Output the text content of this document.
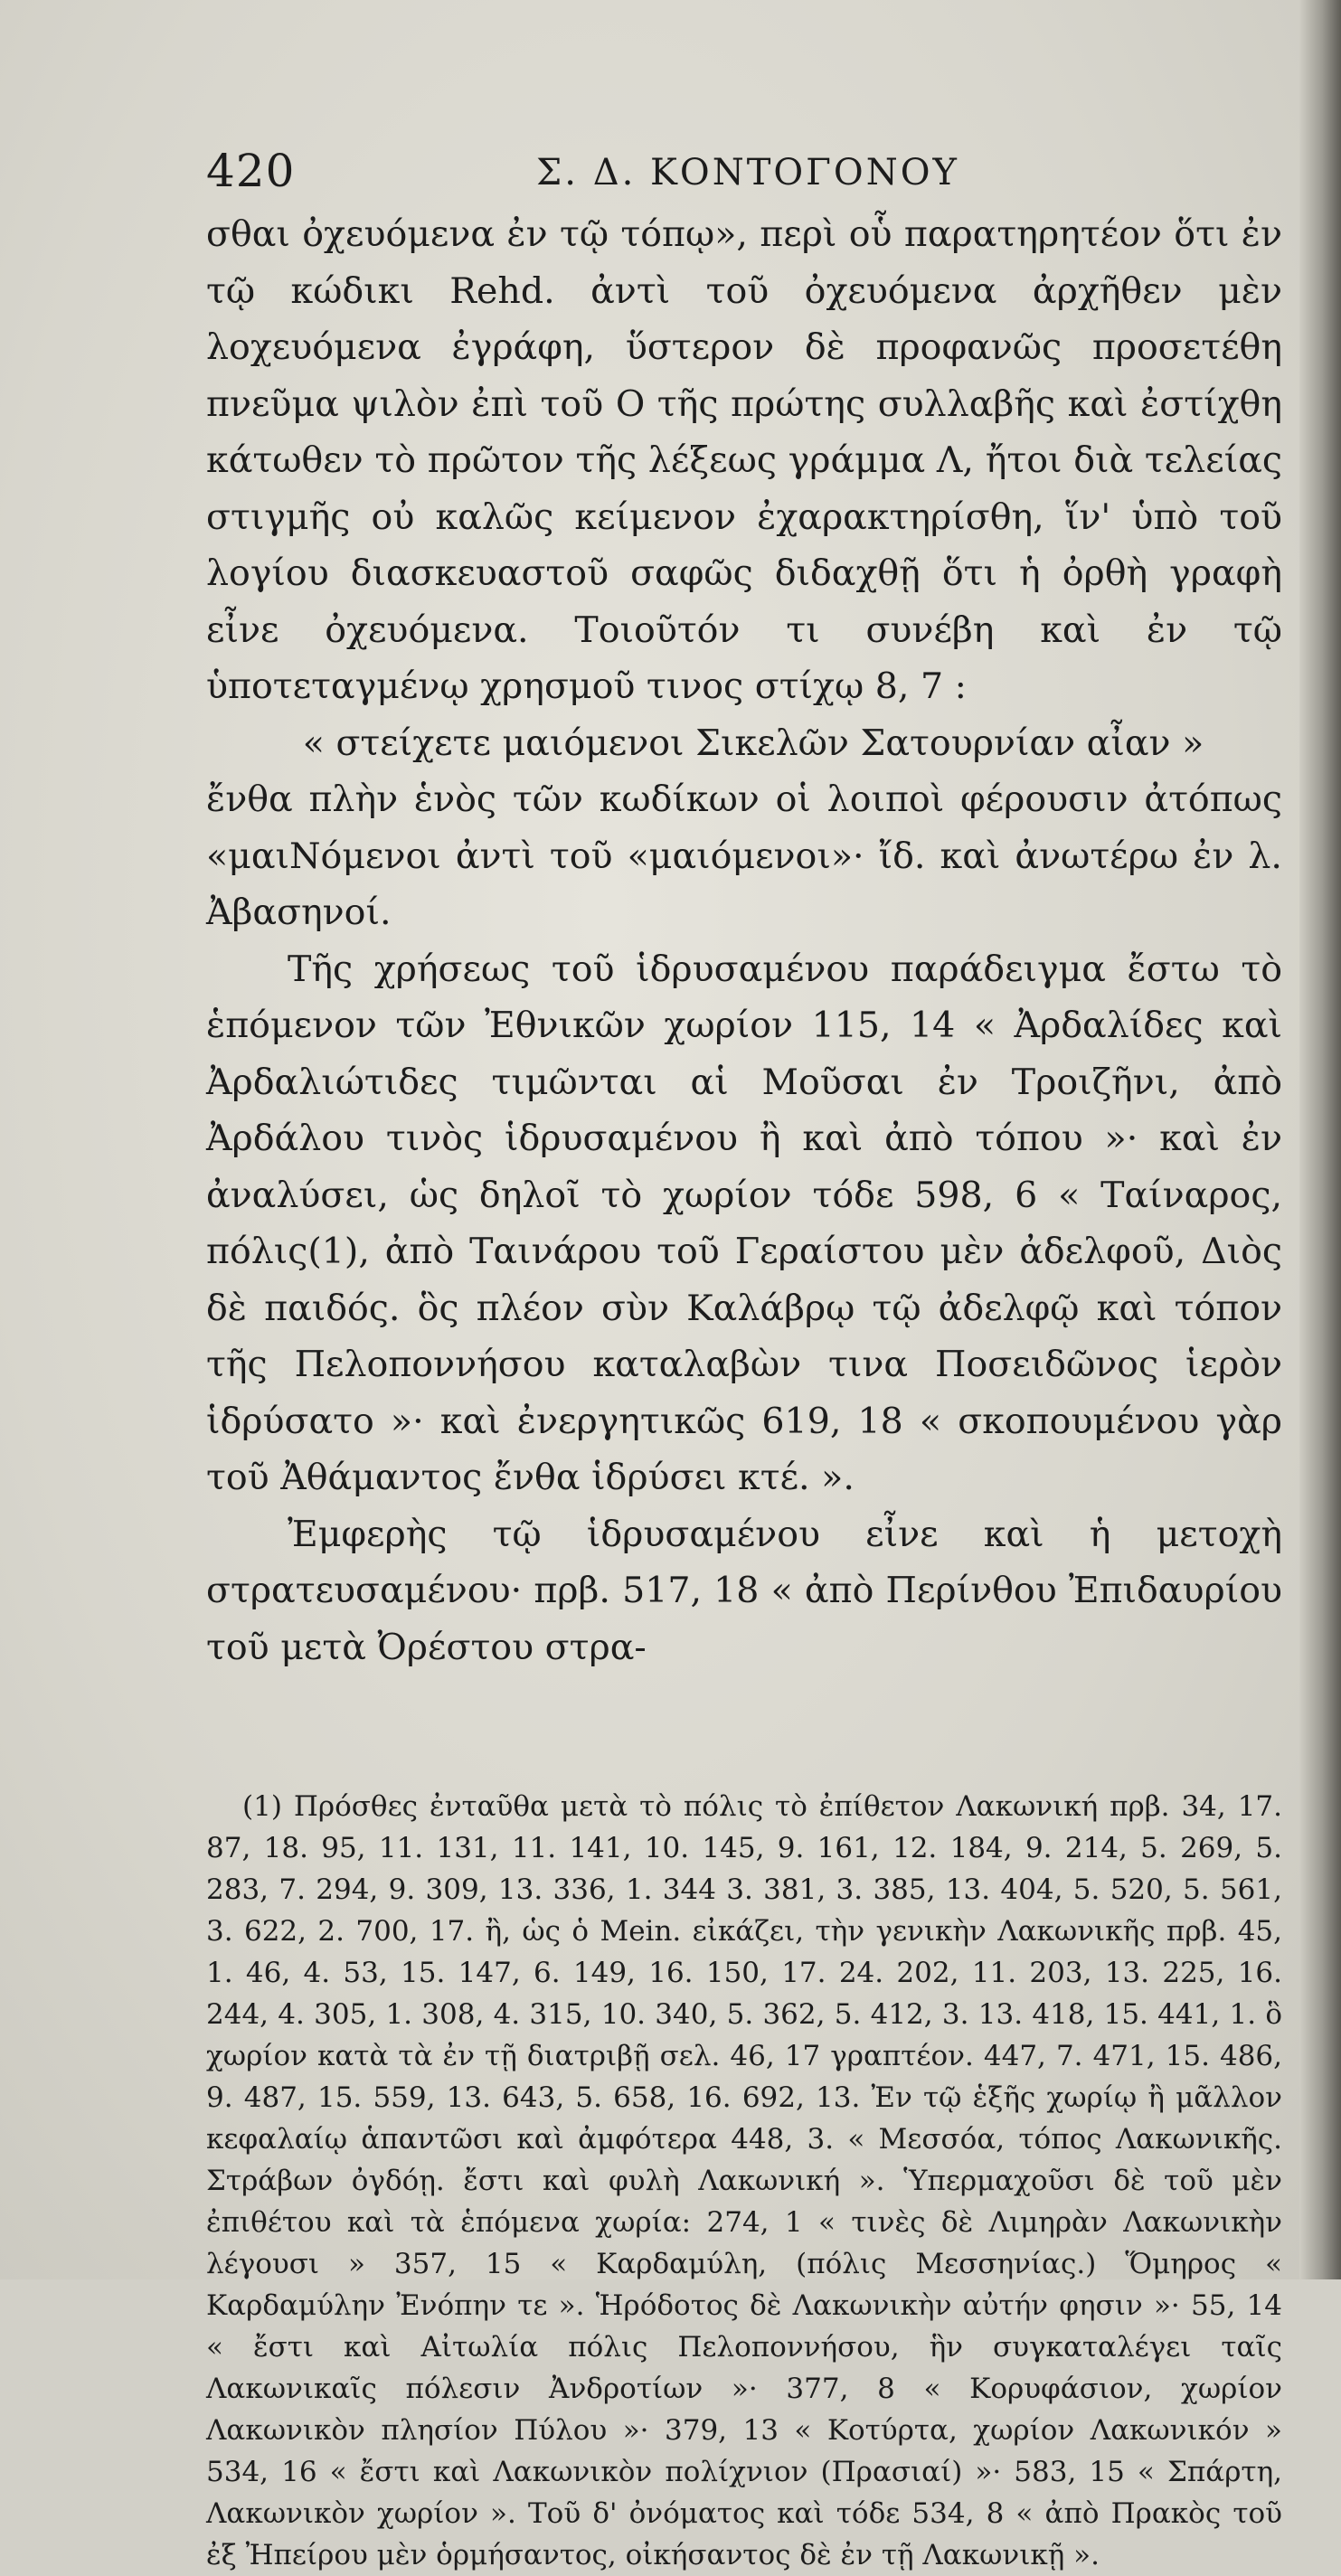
420	Σ. Δ. ΚΟΝΤΟΓΟΝΟΥ

σθαι ὀχευόμενα ἐν τῷ τόπῳ», περὶ οὗ παρατηρητέον ὅτι ἐν τῷ κώδικι Rehd. ἀντὶ τοῦ ὀχευόμενα ἀρχῆθεν μὲν λοχευόμενα ἐγράφη, ὕστερον δὲ προφανῶς προσετέθη πνεῦμα ψιλὸν ἐπὶ τοῦ Ο τῆς πρώτης συλλαβῆς καὶ ἐστίχθη κάτωθεν τὸ πρῶτον τῆς λέξεως γράμμα Λ, ἤτοι διὰ τελείας στιγμῆς οὐ καλῶς κείμενον ἐχαρακτηρίσθη, ἵν' ὑπὸ τοῦ λογίου διασκευαστοῦ σαφῶς διδαχθῇ ὅτι ἡ ὀρθὴ γραφὴ εἶνε ὀχευόμενα. Τοιοῦτόν τι συνέβη καὶ ἐν τῷ ὑποτεταγμένῳ χρησμοῦ τινος στίχῳ 8, 7 :

« στείχετε μαιόμενοι Σικελῶν Σατουρνίαν αἶαν »

ἔνθα πλὴν ἑνὸς τῶν κωδίκων οἱ λοιποὶ φέρουσιν ἀτόπως «μαιΝόμενοι ἀντὶ τοῦ «μαιόμενοι»· ἴδ. καὶ ἀνωτέρω ἐν λ. Ἀβασηνοί.

Τῆς χρήσεως τοῦ ἱδρυσαμένου παράδειγμα ἔστω τὸ ἑπόμενον τῶν Ἐθνικῶν χωρίον 115, 14 « Ἀρδαλίδες καὶ Ἀρδαλιώτιδες τιμῶνται αἱ Μοῦσαι ἐν Τροιζῆνι, ἀπὸ Ἀρδάλου τινὸς ἱδρυσαμένου ἢ καὶ ἀπὸ τόπου »· καὶ ἐν ἀναλύσει, ὡς δηλοῖ τὸ χωρίον τόδε 598, 6 « Ταίναρος, πόλις(1), ἀπὸ Ταινάρου τοῦ Γεραίστου μὲν ἀδελφοῦ, Διὸς δὲ παιδός. ὃς πλέον σὺν Καλάβρῳ τῷ ἀδελφῷ καὶ τόπον τῆς Πελοποννήσου καταλαβὼν τινα Ποσειδῶνος ἱερὸν ἱδρύσατο »· καὶ ἐνεργητικῶς 619, 18 « σκοπουμένου γὰρ τοῦ Ἀθάμαντος ἔνθα ἱδρύσει κτέ. ».

Ἐμφερὴς τῷ ἱδρυσαμένου εἶνε καὶ ἡ μετοχὴ στρατευσαμένου· πρβ. 517, 18 « ἀπὸ Περίνθου Ἐπιδαυρίου τοῦ μετὰ Ὀρέστου στρα-

(1) Πρόσθες ἐνταῦθα μετὰ τὸ πόλις τὸ ἐπίθετον Λακωνική πρβ. 34, 17. 87, 18. 95, 11. 131, 11. 141, 10. 145, 9. 161, 12. 184, 9. 214, 5. 269, 5. 283, 7. 294, 9. 309, 13. 336, 1. 344 3. 381, 3. 385, 13. 404, 5. 520, 5. 561, 3. 622, 2. 700, 17. ἢ, ὡς ὁ Mein. εἰκάζει, τὴν γενικὴν Λακωνικῆς πρβ. 45, 1. 46, 4. 53, 15. 147, 6. 149, 16. 150, 17. 24. 202, 11. 203, 13. 225, 16. 244, 4. 305, 1. 308, 4. 315, 10. 340, 5. 362, 5. 412, 3. 13. 418, 15. 441, 1. ὃ χωρίον κατὰ τὰ ἐν τῇ διατριβῇ σελ. 46, 17 γραπτέον. 447, 7. 471, 15. 486, 9. 487, 15. 559, 13. 643, 5. 658, 16. 692, 13. Ἐν τῷ ἑξῆς χωρίῳ ἢ μᾶλλον κεφαλαίῳ ἁπαντῶσι καὶ ἀμφότερα 448, 3. « Μεσσόα, τόπος Λακωνικῆς. Στράβων ὀγδόῃ. ἔστι καὶ φυλὴ Λακωνική ». Ὑπερμαχοῦσι δὲ τοῦ μὲν ἐπιθέτου καὶ τὰ ἑπόμενα χωρία: 274, 1 « τινὲς δὲ Λιμηρὰν Λακωνικὴν λέγουσι » 357, 15 « Καρδαμύλη, (πόλις Μεσσηνίας.) Ὅμηρος « Καρδαμύλην Ἐνόπην τε ». Ἡρόδοτος δὲ Λακωνικὴν αὐτήν φησιν »· 55, 14 « ἔστι καὶ Αἰτωλία πόλις Πελοποννήσου, ἣν συγκαταλέγει ταῖς Λακωνικαῖς πόλεσιν Ἀνδροτίων »· 377, 8 « Κορυφάσιον, χωρίον Λακωνικὸν πλησίον Πύλου »· 379, 13 « Κοτύρτα, χωρίον Λακωνικόν » 534, 16 « ἔστι καὶ Λακωνικὸν πολίχνιον (Πρασιαί) »· 583, 15 « Σπάρτη, Λακωνικὸν χωρίον ». Τοῦ δ' ὀνόματος καὶ τόδε 534, 8 « ἀπὸ Πρακὸς τοῦ ἐξ Ἠπείρου μὲν ὁρμήσαντος, οἰκήσαντος δὲ ἐν τῇ Λακωνικῇ ».
